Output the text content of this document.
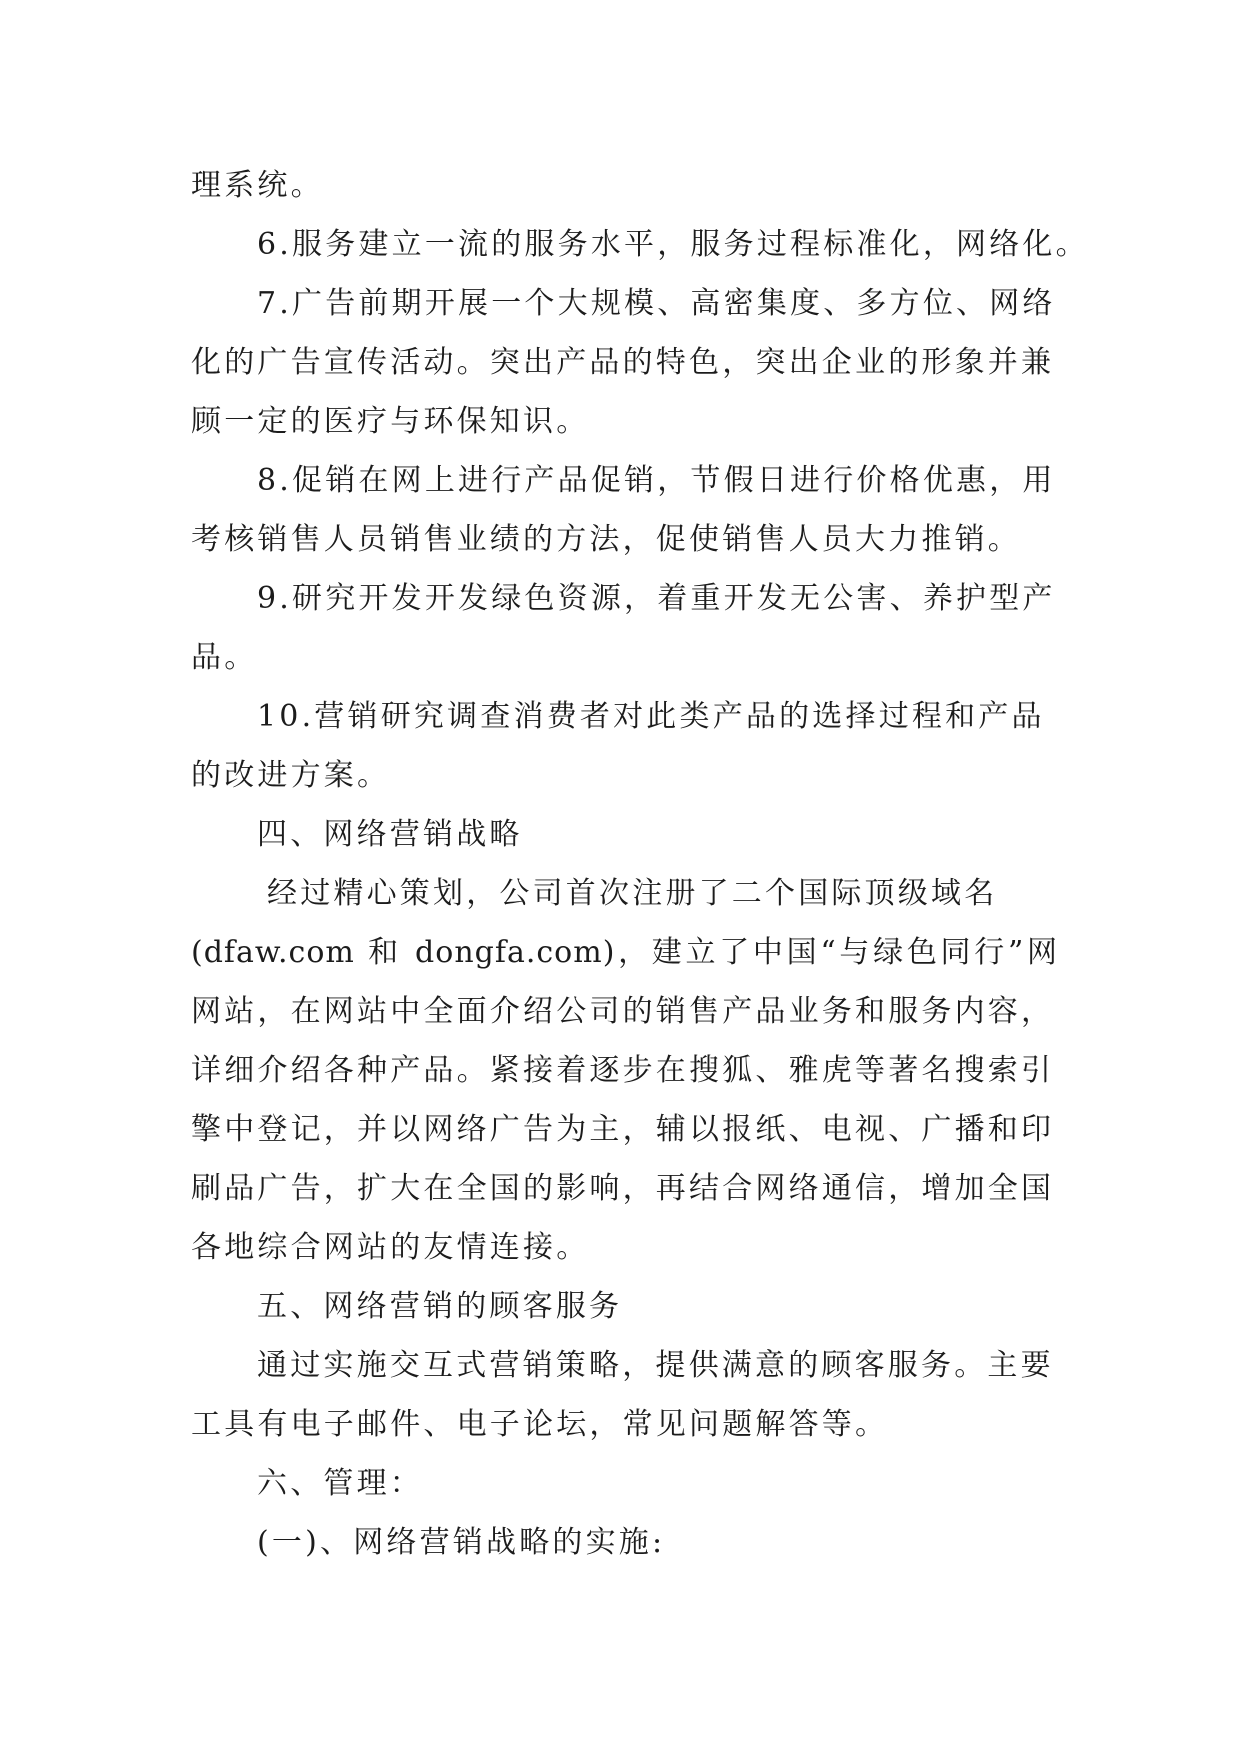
理系统。
6.服务建立一流的服务水平，服务过程标准化，网络化。
7.广告前期开展一个大规模、高密集度、多方位、网络
化的广告宣传活动。突出产品的特色，突出企业的形象并兼
顾一定的医疗与环保知识。
8.促销在网上进行产品促销，节假日进行价格优惠，用
考核销售人员销售业绩的方法，促使销售人员大力推销。
9.研究开发开发绿色资源，着重开发无公害、养护型产
品。
10.营销研究调查消费者对此类产品的选择过程和产品
的改进方案。
四、网络营销战略
经过精心策划，公司首次注册了二个国际顶级域名
(dfaw.com 和 dongfa.com)，建立了中国“与绿色同行”网
网站，在网站中全面介绍公司的销售产品业务和服务内容，
详细介绍各种产品。紧接着逐步在搜狐、雅虎等著名搜索引
擎中登记，并以网络广告为主，辅以报纸、电视、广播和印
刷品广告，扩大在全国的影响，再结合网络通信，增加全国
各地综合网站的友情连接。
五、网络营销的顾客服务
通过实施交互式营销策略，提供满意的顾客服务。主要
工具有电子邮件、电子论坛，常见问题解答等。
六、管理：
(一)、网络营销战略的实施:
